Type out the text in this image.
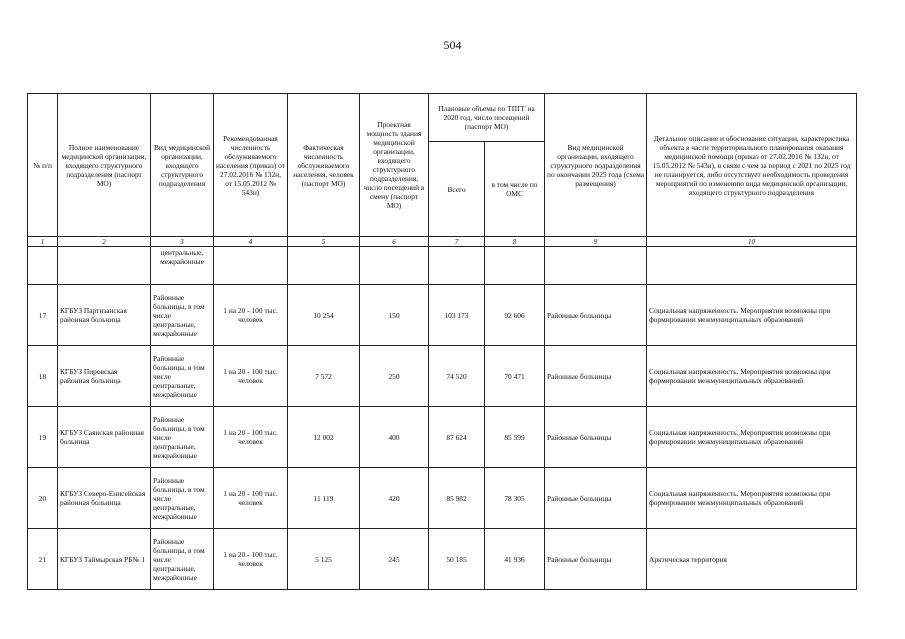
504
№ п/п	Полное наименование медицинской организации, входящего структурного подразделения (паспорт МО)	Вид медицинской организации, входящего структурного подразделения	Рекомендованная численность обслуживаемого населения (приказ) от 27.02.2016 № 132н, от 15.05.2012 № 543н)	Фактическая численность обслуживаемого населения, человек (паспорт МО)	Проектная мощность здания медицинской организации, входящего структурного подразделения, число посещений в смену (паспорт МО)	Плановые объемы по ТПГГ на 2020 год, число посещений (паспорт МО)		Вид медицинской организации, входящего структурного подразделения по окончании 2025 года (схема размещения)	Детальное описание и обоснование ситуации, характеристика объекта в части территориального планирования оказания медицинской помощи (приказ от 27.02.2016 № 132н, от 15.05.2012 № 543н), в связи с чем за период с 2021 по 2025 год не планируется, либо отсутствует необходимость проведения мероприятий по изменению вида медицинской организации, входящего структурного подразделения
						Всего	в том числе по ОМС		
1	2	3	4	5	6	7	8	9	10

		центральные, межрайонные							

17	КГБУЗ Партизанская районная больница	Районные больницы, в том числе центральные, межрайонные	1 на 20 - 100 тыс. человек	10 254	150	103 173	92 606	Районные больницы	Социальная напряженность. Мероприятия возможны при формировании межмуниципальных образований
18	КГБУЗ Пировская районная больница	Районные больницы, в том числе центральные, межрайонные	1 на 20 - 100 тыс. человек	7 572	250	74 520	70 471	Районные больницы	Социальная напряженность. Мероприятия возможны при формировании межмуниципальных образований
19	КГБУЗ Саянская районная больница	Районные больницы, в том числе центральные, межрайонные	1 на 20 - 100 тыс. человек	12 002	400	87 624	85 599	Районные больницы	Социальная напряженность. Мероприятия возможны при формировании межмуниципальных образований
20	КГБУЗ Северо-Енисейская районная больница	Районные больницы, в том числе центральные, межрайонные	1 на 20 - 100 тыс. человек	11 119	420	85 982	78 305	Районные больницы	Социальная напряженность. Мероприятия возможны при формировании межмуниципальных образований
21	КГБУЗ Таймырская РБ№ 1	Районные больницы, в том числе центральные, межрайонные	1 на 20 - 100 тыс. человек	5 125	245	50 185	41 936	Районные больницы	Арктическая территория
